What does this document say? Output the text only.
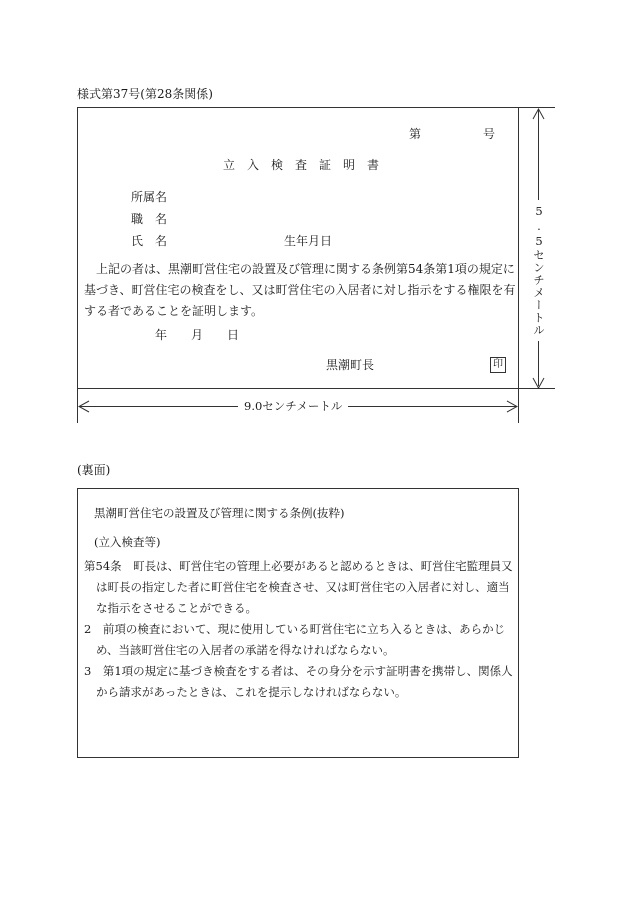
様式第37号(第28条関係)
第	号
立　入　検　査　証　明　書
所属名
職　名
氏　名	生年月日
上記の者は、黒潮町営住宅の設置及び管理に関する条例第54条第1項の規定に基づき、町営住宅の検査をし、又は町営住宅の入居者に対し指示をする権限を有する者であることを証明します。
年　　月　　日
黒潮町長	印
5.5センチメートル
9.0センチメートル
(裏面)
黒潮町営住宅の設置及び管理に関する条例(抜粋)
(立入検査等)

第54条　町長は、町営住宅の管理上必要があると認めるときは、町営住宅監理員又は町長の指定した者に町営住宅を検査させ、又は町営住宅の入居者に対し、適当な指示をさせることができる。

2　前項の検査において、現に使用している町営住宅に立ち入るときは、あらかじめ、当該町営住宅の入居者の承諾を得なければならない。

3　第1項の規定に基づき検査をする者は、その身分を示す証明書を携帯し、関係人から請求があったときは、これを提示しなければならない。
